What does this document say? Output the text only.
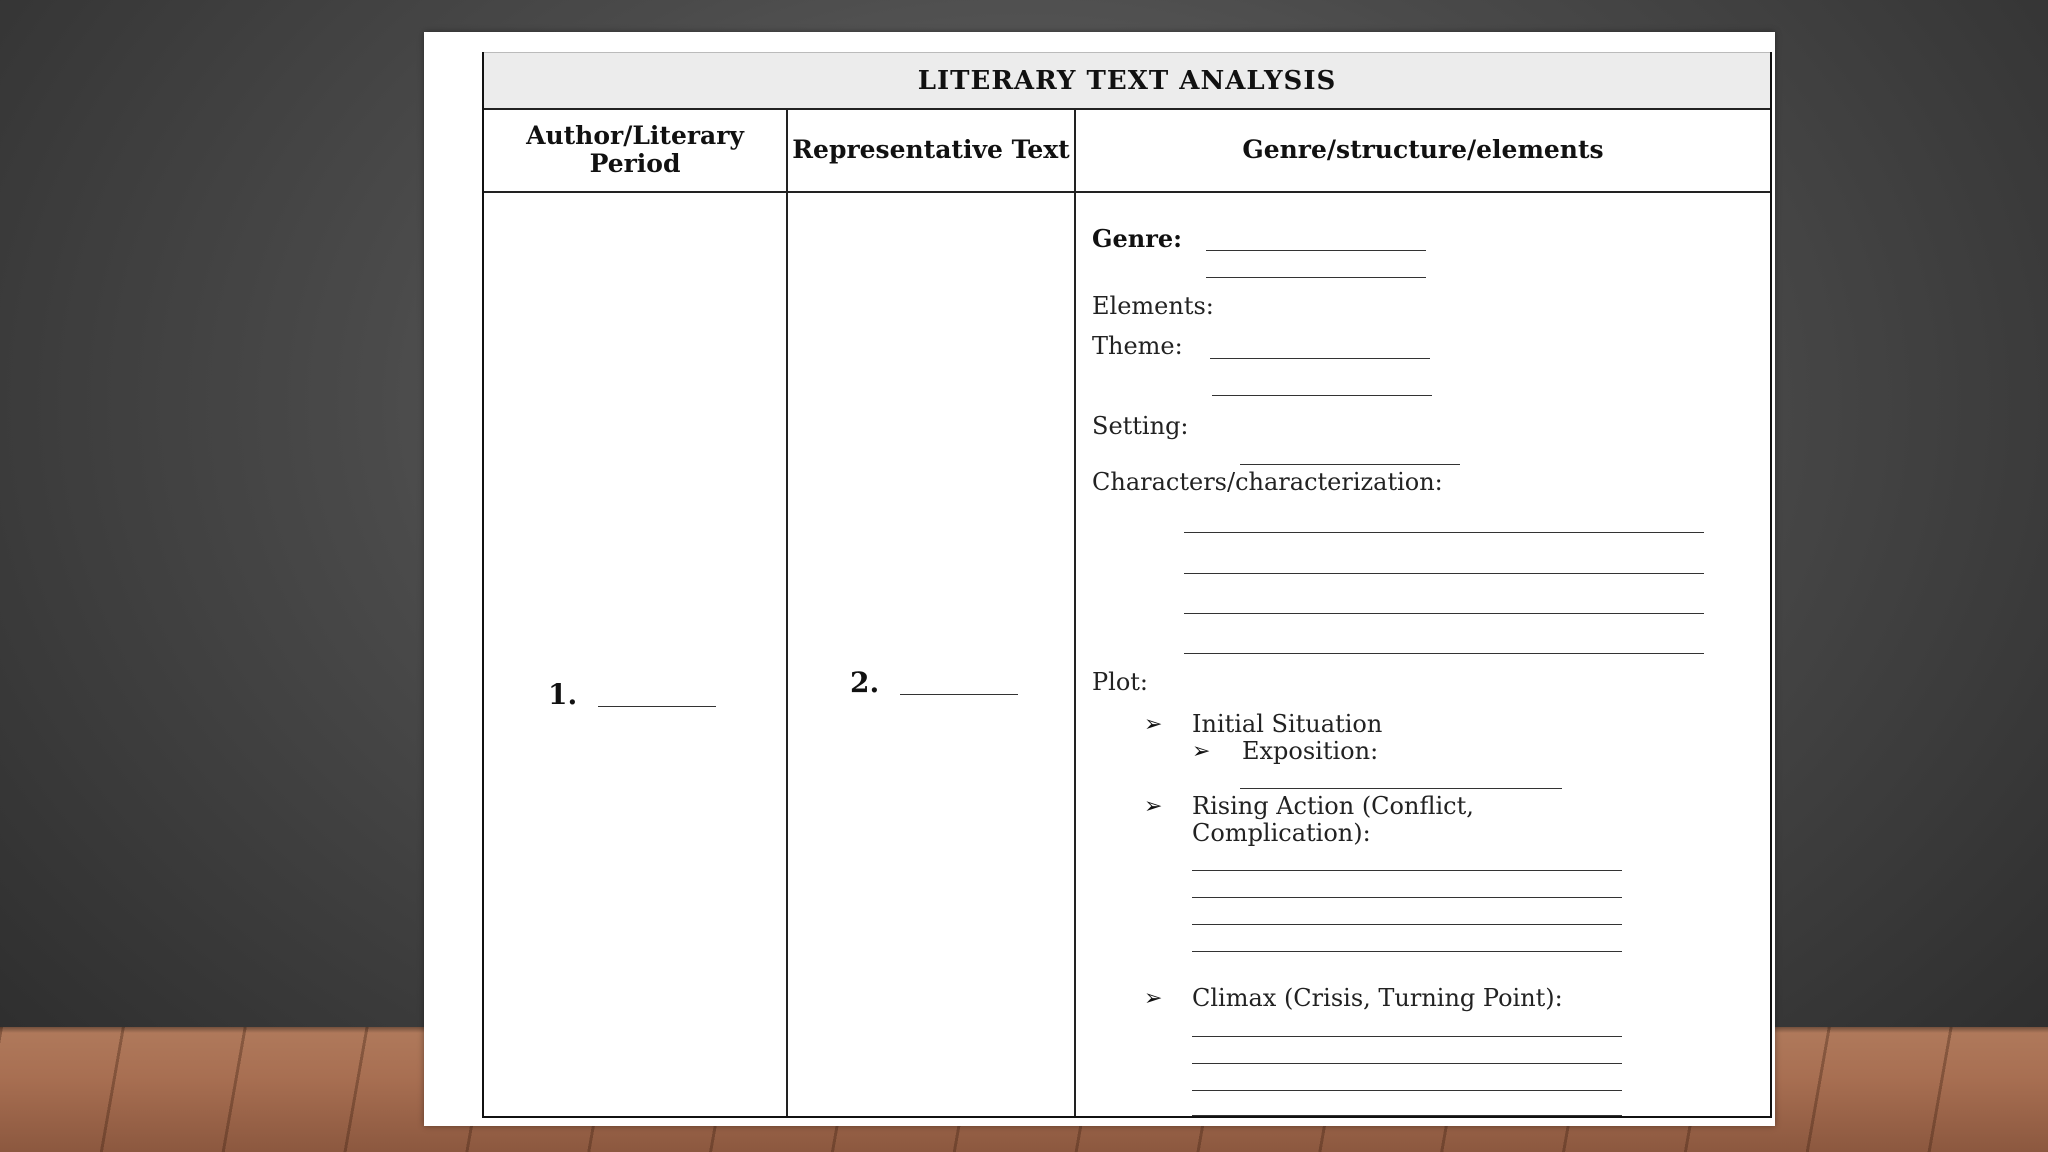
LITERARY TEXT ANALYSIS
Author/Literary Period	Representative Text	Genre/structure/elements
1.	2.
Genre:
Elements:
Theme:
Setting:
Characters/characterization:
Plot:
➢ Initial Situation
➢ Exposition:
➢ Rising Action (Conflict,
Complication):
➢ Climax (Crisis, Turning Point):
